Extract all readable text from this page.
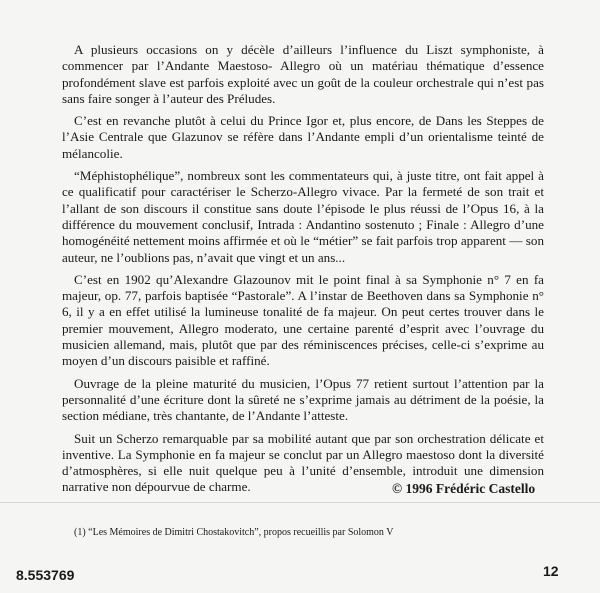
A plusieurs occasions on y décèle d’ailleurs l’influence du Liszt symphoniste, à commencer par l’Andante Maestoso- Allegro où un matériau thématique d’essence profondément slave est parfois exploité avec un goût de la couleur orchestrale qui n’est pas sans faire songer à l’auteur des Préludes.

C’est en revanche plutôt à celui du Prince Igor et, plus encore, de Dans les Steppes de l’Asie Centrale que Glazunov se réfère dans l’Andante empli d’un orientalisme teinté de mélancolie.

“Méphistophélique”, nombreux sont les commentateurs qui, à juste titre, ont fait appel à ce qualificatif pour caractériser le Scherzo-Allegro vivace. Par la fermeté de son trait et l’allant de son discours il constitue sans doute l’épisode le plus réussi de l’Opus 16, à la différence du mouvement conclusif, Intrada : Andantino sostenuto ; Finale : Allegro d’une homogénéité nettement moins affirmée et où le “métier” se fait parfois trop apparent — son auteur, ne l’oublions pas, n’avait que vingt et un ans...

C’est en 1902 qu’Alexandre Glazounov mit le point final à sa Symphonie n° 7 en fa majeur, op. 77, parfois baptisée “Pastorale”. A l’instar de Beethoven dans sa Symphonie n° 6, il y a en effet utilisé la lumineuse tonalité de fa majeur. On peut certes trouver dans le premier mouvement, Allegro moderato, une certaine parenté d’esprit avec l’ouvrage du musicien allemand, mais, plutôt que par des réminiscences précises, celle-ci s’exprime au moyen d’un discours paisible et raffiné.

Ouvrage de la pleine maturité du musicien, l’Opus 77 retient surtout l’attention par la personnalité d’une écriture dont la sûreté ne s’exprime jamais au détriment de la poésie, la section médiane, très chantante, de l’Andante l’atteste.

Suit un Scherzo remarquable par sa mobilité autant que par son orchestration délicate et inventive. La Symphonie en fa majeur se conclut par un Allegro maestoso dont la diversité d’atmosphères, si elle nuit quelque peu à l’unité d’ensemble, introduit une dimension narrative non dépourvue de charme.	© 1996 Frédéric Castello
(1) “Les Mémoires de Dimitri Chostakovitch”, propos recueillis par Solomon V
8.553769	12
